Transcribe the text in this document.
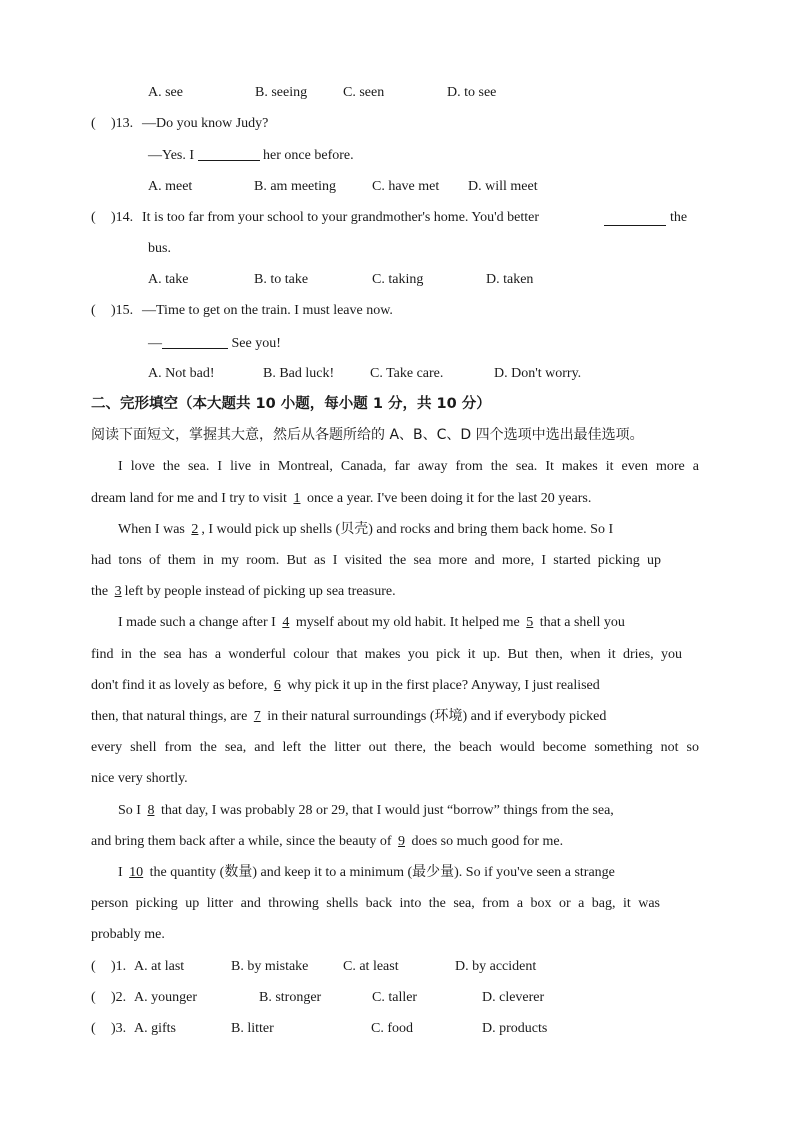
A. see	B. seeing	C. seen	D. to see
( )13. —Do you know Judy?
—Yes. I	her once before.
A. meet	B. am meeting	C. have met D. will meet
( )14. It is too far from your school to your grandmother's home. You'd better	the
bus.
A. take	B. to take	C. taking	D. taken
( )15. —Time to get on the train. I must leave now.
—	See you!
A. Not bad!	B. Bad luck!	C. Take care.	D. Don't worry.
二、完形填空（本大题共 10 小题，每小题 1 分，共 10 分）
阅读下面短文，掌握其大意，然后从各题所给的 A、B、C、D 四个选项中选出最佳选项。
I love the sea. I live in Montreal, Canada, far away from the sea. It makes it even more a
dream land for me and I try to visit 1 once a year. I've been doing it for the last 20 years.
When I was 2 , I would pick up shells (贝壳) and rocks and bring them back home. So I
had tons of them in my room. But as I visited the sea more and more, I started picking up
the 3 left by people instead of picking up sea treasure.
I made such a change after I 4 myself about my old habit. It helped me 5 that a shell you
find in the sea has a wonderful colour that makes you pick it up. But then, when it dries, you
don't find it as lovely as before, 6 why pick it up in the first place? Anyway, I just realised
then, that natural things, are 7 in their natural surroundings (环境) and if everybody picked
every shell from the sea, and left the litter out there, the beach would become something not so
nice very shortly.
So I 8 that day, I was probably 28 or 29, that I would just “borrow” things from the sea,
and bring them back after a while, since the beauty of 9 does so much good for me.
I 10 the quantity (数量) and keep it to a minimum (最少量). So if you've seen a strange
person picking up litter and throwing shells back into the sea, from a box or a bag, it was
probably me.
( )1. A. at last	B. by mistake C. at least	D. by accident
( )2. A. younger	B. stronger	C. taller	D. cleverer
( )3. A. gifts	B. litter	C. food	D. products
